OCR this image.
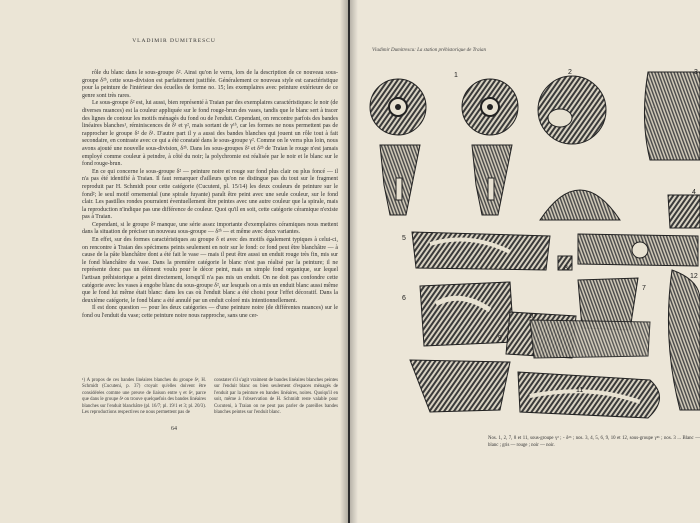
VLADIMIR DUMITRESCU

rôle du blanc dans le sous-groupe δ². Ainsi qu'on le verra, lors de la description de ce nouveau sous-groupe δ²ᵇ, cette sous-division est parfaitement justifiée. Généralement ce nouveau style est caractéristique pour la peinture de l'intérieur des écuelles de forme no. 15; les exemplaires avec peinture extérieure de ce genre sont très rares.

Le sous-groupe δ² est, lui aussi, bien représenté à Traian par des exemplaires caractéristiques: le noir (de diverses nuances) est la couleur appliquée sur le fond rouge-brun des vases, tandis que le blanc sert à tracer des lignes de contour les motifs ménagés du fond ou de l'enduit. Cependant, on rencontre parfois des bandes linéaires blanches¹, réminiscences de δ¹ et γ², mais sortant de γ¹ᵇ, car les formes ne nous permettent pas de rapprocher le groupe δ² de δ¹. D'autre part il y a aussi des bandes blanches qui jouent un rôle tout à fait secondaire, en contraste avec ce qui a été constaté dans le sous-groupe γ². Comme on le verra plus loin, nous avons ajouté une nouvelle sous-division, δ²ᵇ. Dans les sous-groupes δ² et δ²ᵇ de Traian le rouge n'est jamais employé comme couleur à peindre, à côté du noir; la polychromie est réalisée par le noir et le blanc sur le fond rouge-brun.

En ce qui concerne le sous-groupe δ² — peinture noire et rouge sur fond plus clair ou plus foncé — il n'a pas été identifié à Traian. Il faut remarquer d'ailleurs qu'on ne distingue pas du tout sur le fragment reproduit par H. Schmidt pour cette catégorie (Cucuteni, pl. 15/14) les deux couleurs de peinture sur le fond²; le seul motif ornemental (une spirale fuyante) paraît être peint avec une seule couleur, sur le fond clair. Les pastilles rondes pourraient éventuellement être peintes avec une autre couleur que la spirale, mais la reproduction n'indique pas une différence de couleur. Quoi qu'il en soit, cette catégorie céramique n'existe pas à Traian.

Cependant, si le groupe δ² manque, une série assez importante d'exemplaires céramiques nous mettent dans la situation de préciser un nouveau sous-groupe — δ²ᵇ — et même avec deux variantes.

En effet, sur des formes caractéristiques au groupe δ et avec des motifs également typiques à celui-ci, on rencontre à Traian des spécimens peints seulement en noir sur le fond: ce fond peut être blanchâtre — à cause de la pâte blanchâtre dont a été fait le vase — mais il peut être aussi un enduit rouge très fin, mis sur le fond blanchâtre du vase. Dans la première catégorie le blanc n'est pas réalisé par la peinture; il ne représente donc pas un élément voulu pour le décor peint, mais un simple fond organique, sur lequel l'artisan préhistorique a peint directement, lorsqu'il n'a pas mis un enduit. On ne doit pas confondre cette catégorie avec les vases à engobe blanc du sous-groupe δ², sur lesquels on a mis un enduit blanc aussi même que le fond lui même était blanc: dans les cas où l'enduit blanc a été choisi pour l'effet décoratif. Dans la deuxième catégorie, le fond blanc a été annulé par un enduit coloré mis intentionnellement.

Il est donc question — pour les deux catégories — d'une peinture noire (de différentes nuances) sur le fond ou l'enduit du vase; cette peinture noire nous rapproche, sans une cer-

¹) A propos de ces bandes linéaires blanches du groupe δ², H. Schmidt (Cucuteni, p. 37) croyait qu'elles doivent être considérées comme une preuve de liaison entre γ et δ², parce que dans le groupe δ² on trouve quelquefois des bandes linéaires blanches sur l'enduit blanchâtre (pl. 16/7; pl. 19/1 et 3; pl. 20/3). Les reproductions respectives ne nous permettent pas de
constater s'il s'agit vraiment de bandes linéaires blanches peintes sur l'enduit blanc ou bien seulement d'espaces ménagés de l'enduit par la peinture en bandes linéaires, noires. Quoiqu'il en soit, même à l'observation de H. Schmidt reste valable pour Cucuteni, à Traian on ne peut pas parler de pareilles bandes blanches peintes sur l'enduit blanc.
64
Vladimir Dumitrescu: La station préhistorique de Traian
1	2	3
4
5
6
7
8
9
10
11
12
Nos. 1, 2, 7, 8 et 11, sous-groupe γ² ; - δ²ᵇ ; nos. 3, 4, 5, 6, 9, 10 et 12, sous-groupe γ²ᵇ ; nos. 3 ... Blanc — blanc ; gris — rouge ; noir — noir.
